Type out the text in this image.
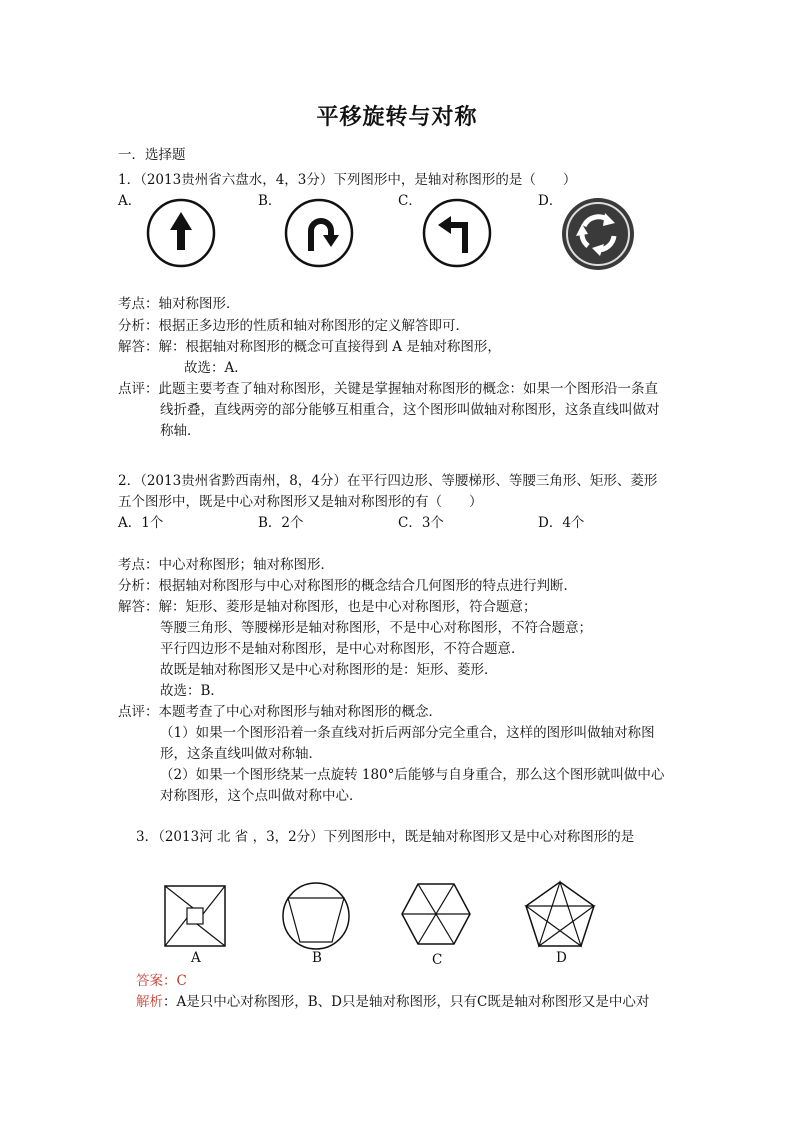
平移旋转与对称
一．选择题
1．（2013贵州省六盘水，4，3分）下列图形中，是轴对称图形的是（　　）
A．	B．	C．	D．
考点：轴对称图形．
分析：根据正多边形的性质和轴对称图形的定义解答即可．
解答：解：根据轴对称图形的概念可直接得到 A 是轴对称图形，
故选：A．
点评：此题主要考查了轴对称图形，关键是掌握轴对称图形的概念：如果一个图形沿一条直
线折叠，直线两旁的部分能够互相重合，这个图形叫做轴对称图形，这条直线叫做对
称轴．
2．（2013贵州省黔西南州，8，4分）在平行四边形、等腰梯形、等腰三角形、矩形、菱形
五个图形中，既是中心对称图形又是轴对称图形的有（　　）
A．1个	B．2个	C．3个	D．4个
考点：中心对称图形；轴对称图形．
分析：根据轴对称图形与中心对称图形的概念结合几何图形的特点进行判断．
解答：解：矩形、菱形是轴对称图形，也是中心对称图形，符合题意；
等腰三角形、等腰梯形是轴对称图形，不是中心对称图形，不符合题意；
平行四边形不是轴对称图形，是中心对称图形，不符合题意．
故既是轴对称图形又是中心对称图形的是：矩形、菱形．
故选：B．
点评：本题考查了中心对称图形与轴对称图形的概念．
（1）如果一个图形沿着一条直线对折后两部分完全重合，这样的图形叫做轴对称图
形，这条直线叫做对称轴．
（2）如果一个图形绕某一点旋转 180°后能够与自身重合，那么这个图形就叫做中心
对称图形，这个点叫做对称中心．
3．（2013河 北 省 ，3，2分）下列图形中，既是轴对称图形又是中心对称图形的是
A	B	C	D
答案：C
解析：A是只中心对称图形，B、D只是轴对称图形，只有C既是轴对称图形又是中心对
